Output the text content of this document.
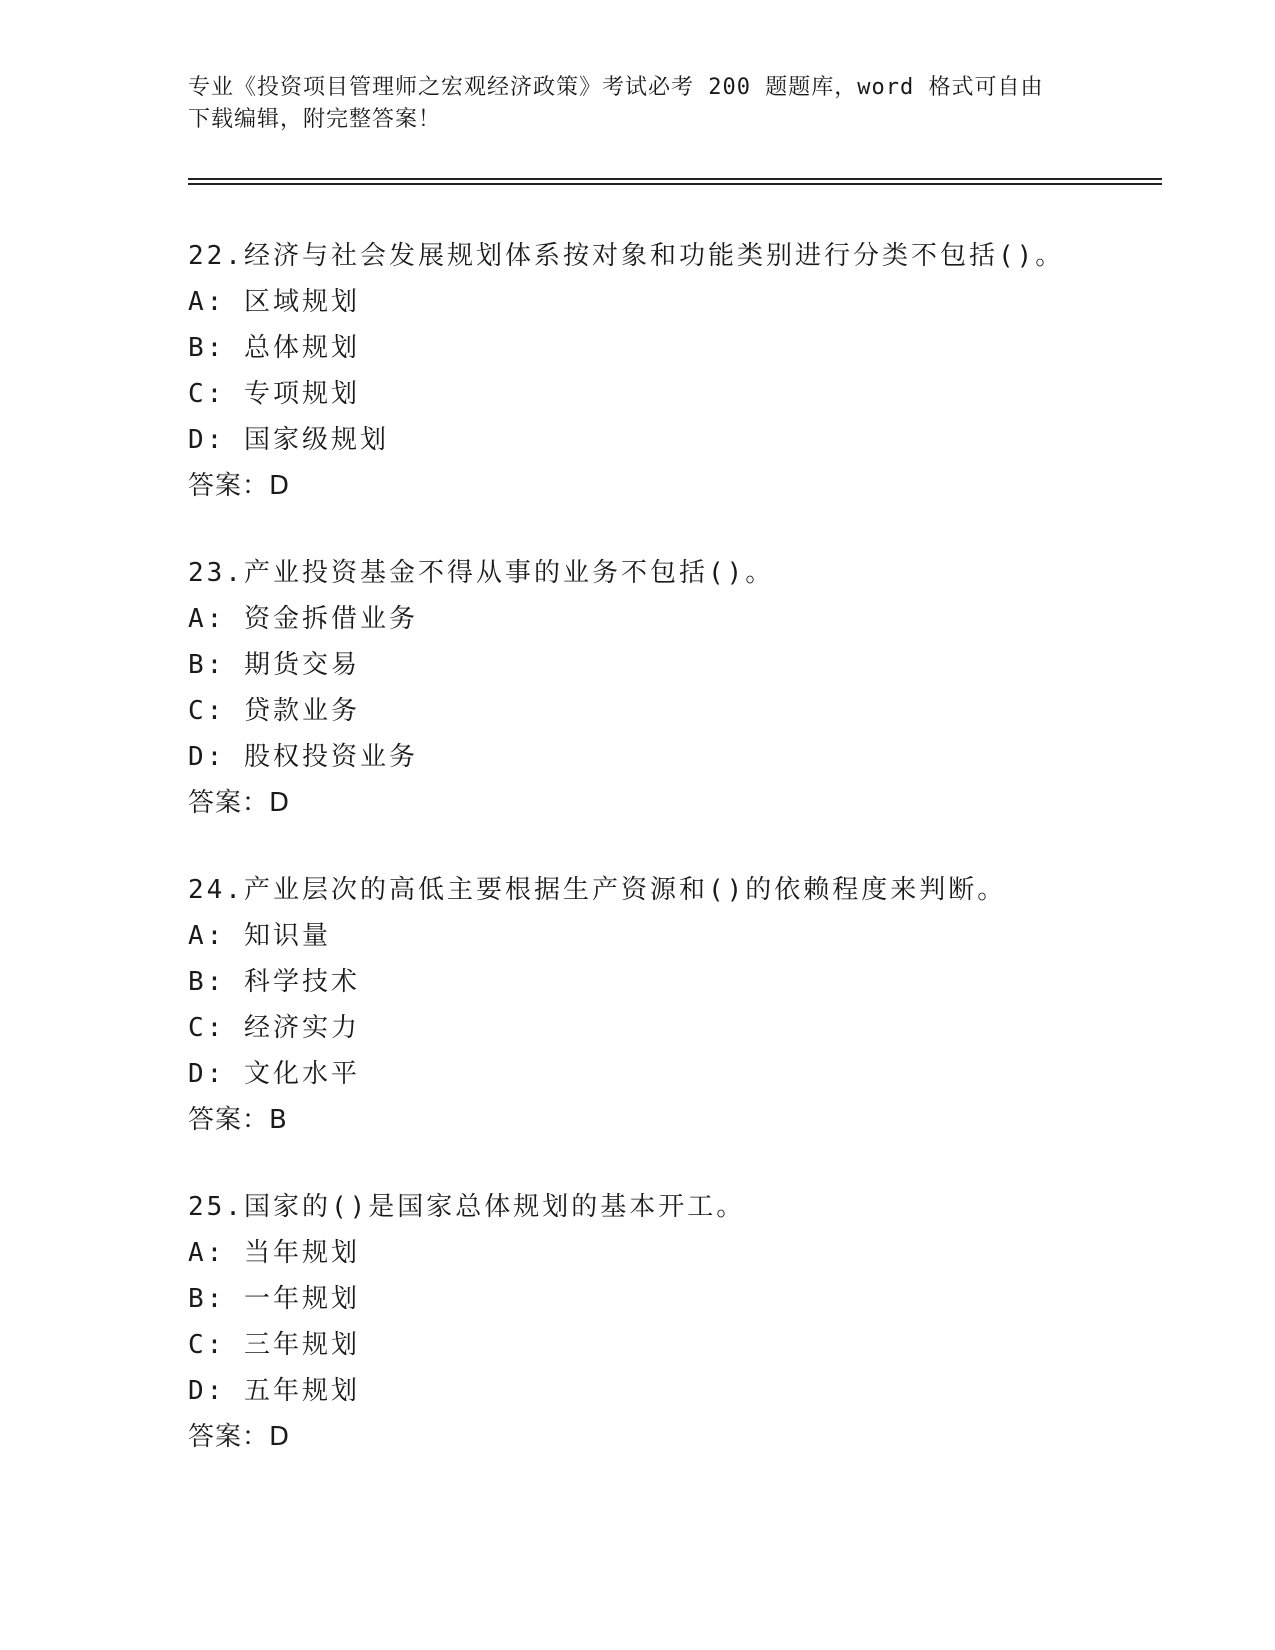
专业《投资项目管理师之宏观经济政策》考试必考 200 题题库，word 格式可自由
下载编辑，附完整答案！
22.经济与社会发展规划体系按对象和功能类别进行分类不包括()。
A: 区域规划
B: 总体规划
C: 专项规划
D: 国家级规划
答案：D
23.产业投资基金不得从事的业务不包括()。
A: 资金拆借业务
B: 期货交易
C: 贷款业务
D: 股权投资业务
答案：D
24.产业层次的高低主要根据生产资源和()的依赖程度来判断。
A: 知识量
B: 科学技术
C: 经济实力
D: 文化水平
答案：B
25.国家的()是国家总体规划的基本开工。
A: 当年规划
B: 一年规划
C: 三年规划
D: 五年规划
答案：D
